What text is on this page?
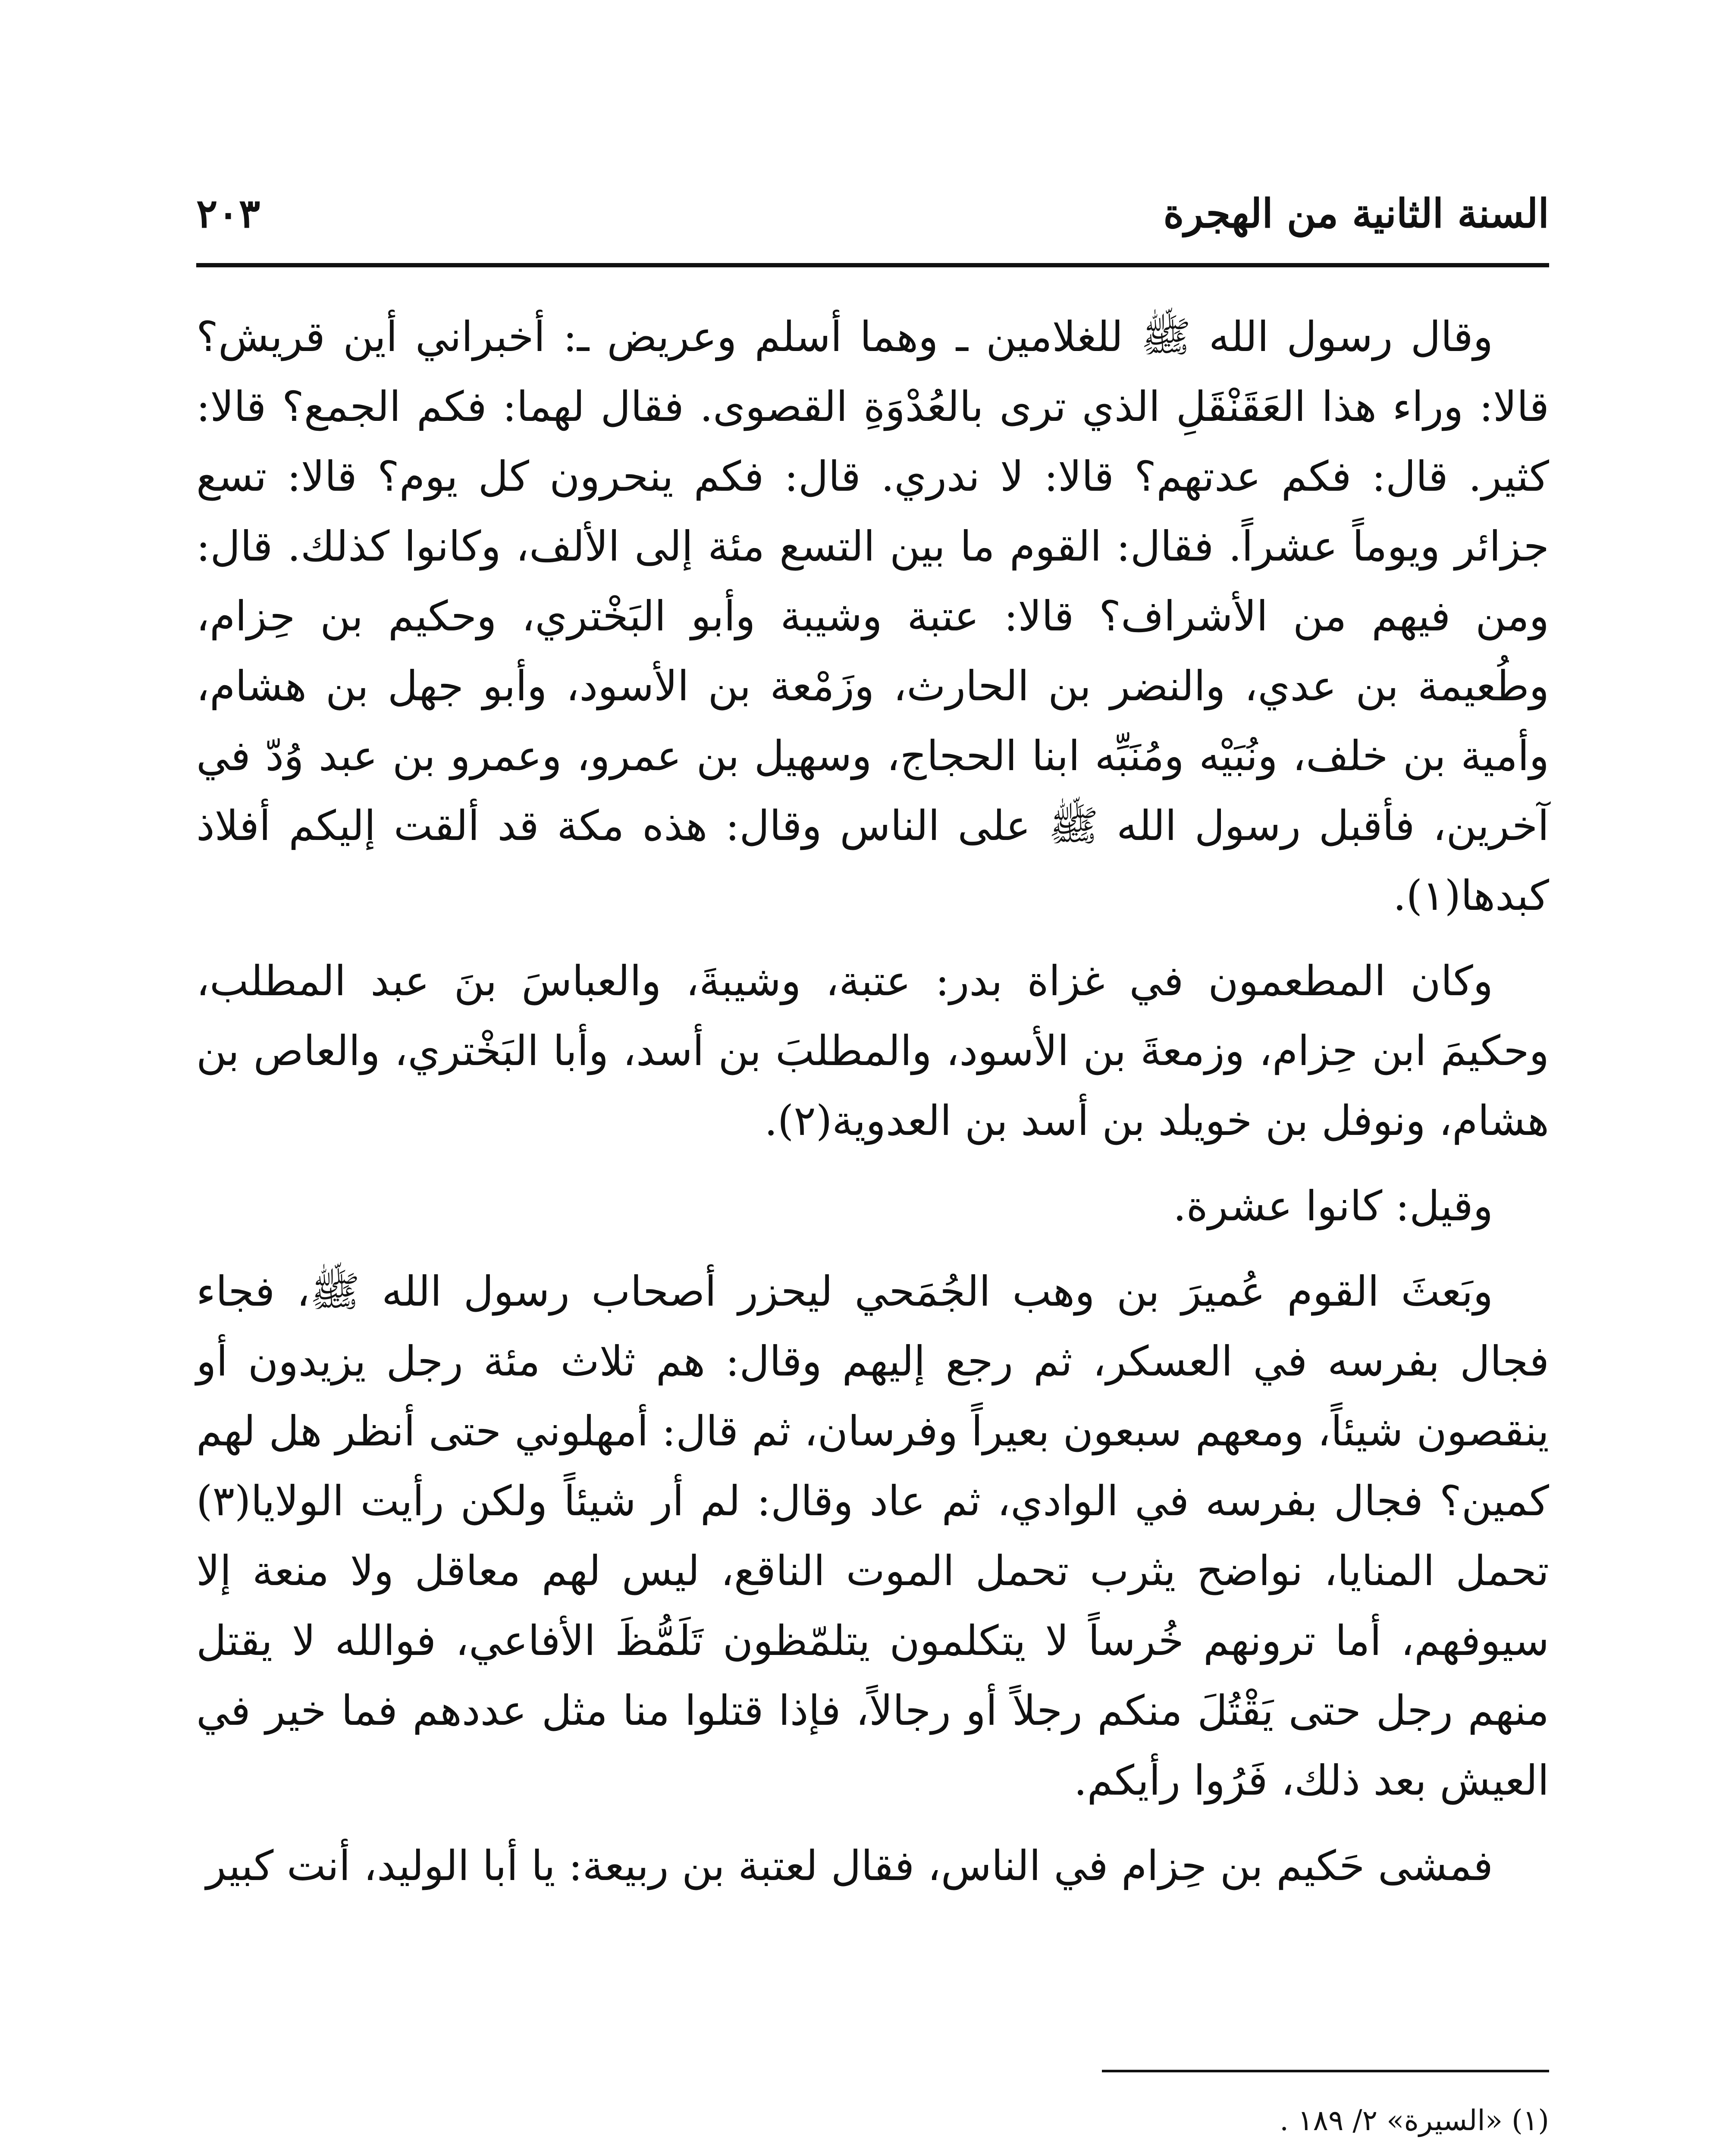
السنة الثانية من الهجرة
٢٠٣

وقال رسول الله ﷺ للغلامين ـ وهما أسلم وعريض ـ: أخبراني أين قريش؟ قالا: وراء هذا العَقَنْقَلِ الذي ترى بالعُدْوَةِ القصوى. فقال لهما: فكم الجمع؟ قالا: كثير. قال: فكم عدتهم؟ قالا: لا ندري. قال: فكم ينحرون كل يوم؟ قالا: تسع جزائر ويوماً عشراً. فقال: القوم ما بين التسع مئة إلى الألف، وكانوا كذلك. قال: ومن فيهم من الأشراف؟ قالا: عتبة وشيبة وأبو البَخْتري، وحكيم بن حِزام، وطُعيمة بن عدي، والنضر بن الحارث، وزَمْعة بن الأسود، وأبو جهل بن هشام، وأمية بن خلف، ونُبَيْه ومُنَبِّه ابنا الحجاج، وسهيل بن عمرو، وعمرو بن عبد وُدّ في آخرين، فأقبل رسول الله ﷺ على الناس وقال: هذه مكة قد ألقت إليكم أفلاذ كبدها(١).

وكان المطعمون في غزاة بدر: عتبة، وشيبةَ، والعباسَ بنَ عبد المطلب، وحكيمَ ابن حِزام، وزمعةَ بن الأسود، والمطلبَ بن أسد، وأبا البَخْتري، والعاص بن هشام، ونوفل بن خويلد بن أسد بن العدوية(٢).

وقيل: كانوا عشرة.

وبَعثَ القوم عُميرَ بن وهب الجُمَحي ليحزر أصحاب رسول الله ﷺ، فجاء فجال بفرسه في العسكر، ثم رجع إليهم وقال: هم ثلاث مئة رجل يزيدون أو ينقصون شيئاً، ومعهم سبعون بعيراً وفرسان، ثم قال: أمهلوني حتى أنظر هل لهم كمين؟ فجال بفرسه في الوادي، ثم عاد وقال: لم أر شيئاً ولكن رأيت الولايا(٣) تحمل المنايا، نواضح يثرب تحمل الموت الناقع، ليس لهم معاقل ولا منعة إلا سيوفهم، أما ترونهم خُرساً لا يتكلمون يتلمّظون تَلَمُّظَ الأفاعي، فوالله لا يقتل منهم رجل حتى يَقْتُلَ منكم رجلاً أو رجالاً، فإذا قتلوا منا مثل عددهم فما خير في العيش بعد ذلك، فَرُوا رأيكم.

فمشى حَكيم بن حِزام في الناس، فقال لعتبة بن ربيعة: يا أبا الوليد، أنت كبير

(١) «السيرة» ٢/ ١٨٩ .
